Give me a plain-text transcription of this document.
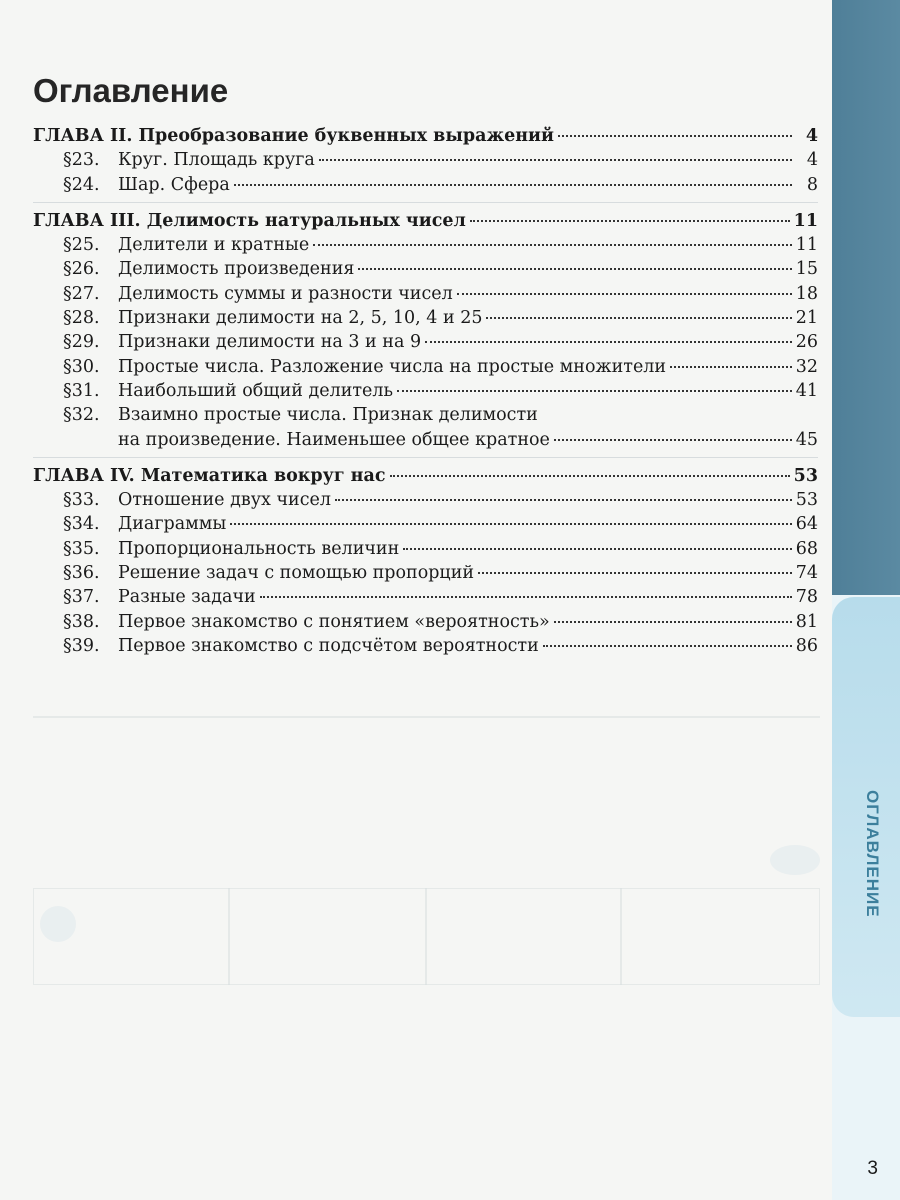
ОГЛАВЛЕНИЕ
Оглавление
ГЛАВА II. Преобразование буквенных выражений	4
§23.	Круг. Площадь круга	4
§24.	Шар. Сфера	8
ГЛАВА III. Делимость натуральных чисел	11
§25.	Делители и кратные	11
§26.	Делимость произведения	15
§27.	Делимость суммы и разности чисел	18
§28.	Признаки делимости на 2, 5, 10, 4 и 25	21
§29.	Признаки делимости на 3 и на 9	26
§30.	Простые числа. Разложение числа на простые множители	32
§31.	Наибольший общий делитель	41
§32.	Взаимно простые числа. Признак делимости
на произведение. Наименьшее общее кратное	45
ГЛАВА IV. Математика вокруг нас	53
§33.	Отношение двух чисел	53
§34.	Диаграммы	64
§35.	Пропорциональность величин	68
§36.	Решение задач с помощью пропорций	74
§37.	Разные задачи	78
§38.	Первое знакомство с понятием «вероятность»	81
§39.	Первое знакомство с подсчётом вероятности	86
3
